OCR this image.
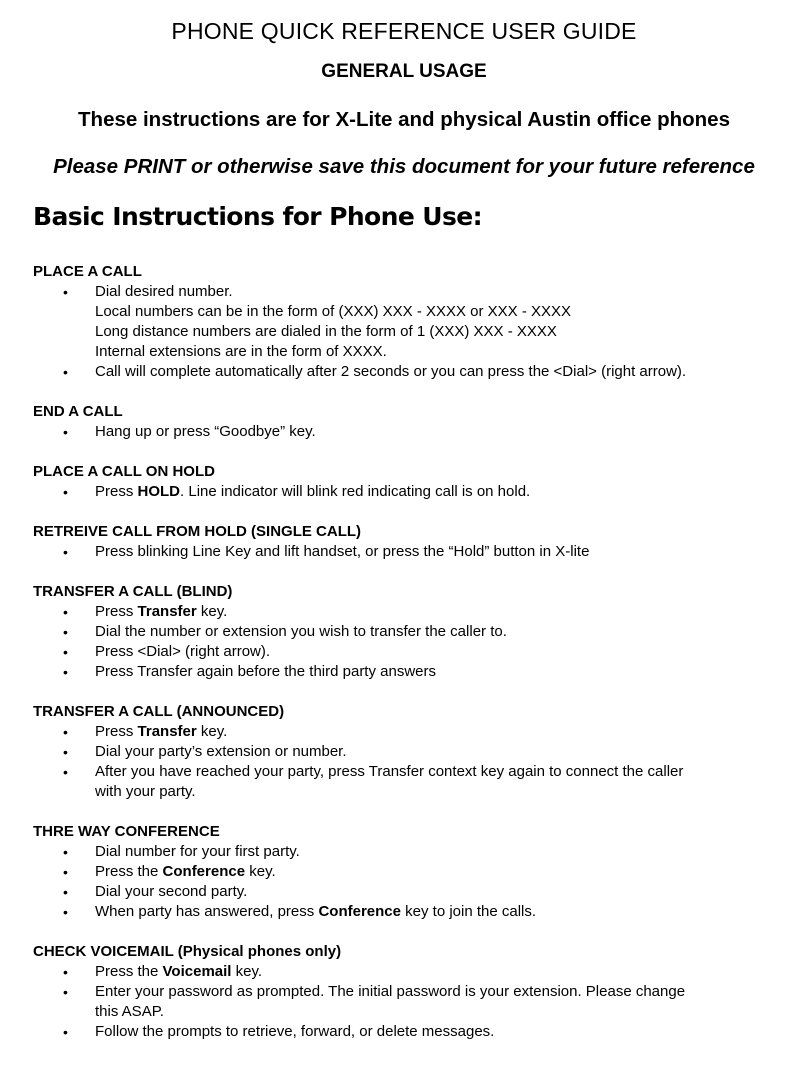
PHONE QUICK REFERENCE USER GUIDE
GENERAL USAGE
These instructions are for X-Lite and physical Austin office phones
Please PRINT or otherwise save this document for your future reference
Basic Instructions for Phone Use:
PLACE A CALL
• Dial desired number.
Local numbers can be in the form of (XXX) XXX - XXXX or XXX - XXXX
Long distance numbers are dialed in the form of 1 (XXX) XXX - XXXX
Internal extensions are in the form of XXXX.
• Call will complete automatically after 2 seconds or you can press the <Dial> (right arrow).
END A CALL
• Hang up or press “Goodbye” key.
PLACE A CALL ON HOLD
• Press HOLD. Line indicator will blink red indicating call is on hold.
RETREIVE CALL FROM HOLD (SINGLE CALL)
• Press blinking Line Key and lift handset, or press the “Hold” button in X-lite
TRANSFER A CALL (BLIND)
• Press Transfer key.
• Dial the number or extension you wish to transfer the caller to.
• Press <Dial> (right arrow).
• Press Transfer again before the third party answers
TRANSFER A CALL (ANNOUNCED)
• Press Transfer key.
• Dial your party’s extension or number.
• After you have reached your party, press Transfer context key again to connect the caller
with your party.
THRE WAY CONFERENCE
• Dial number for your first party.
• Press the Conference key.
• Dial your second party.
• When party has answered, press Conference key to join the calls.
CHECK VOICEMAIL (Physical phones only)
• Press the Voicemail key.
• Enter your password as prompted. The initial password is your extension. Please change
this ASAP.
• Follow the prompts to retrieve, forward, or delete messages.
